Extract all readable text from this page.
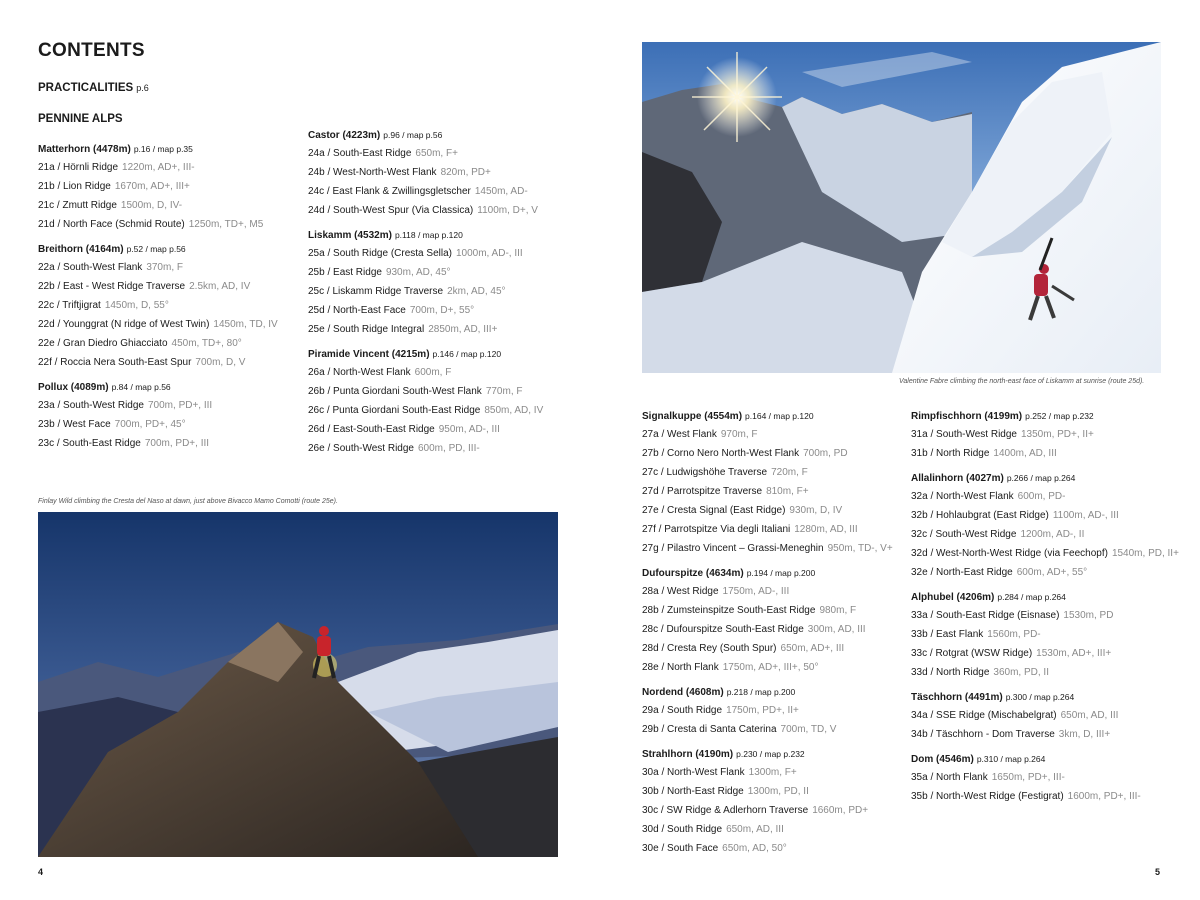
CONTENTS
PRACTICALITIES p.6
PENNINE ALPS
Matterhorn (4478m) p.16 / map p.35
21a / Hörnli Ridge 1220m, AD+, III-
21b / Lion Ridge 1670m, AD+, III+
21c / Zmutt Ridge 1500m, D, IV-
21d / North Face (Schmid Route) 1250m, TD+, M5
Breithorn (4164m) p.52 / map p.56
22a / South-West Flank 370m, F
22b / East - West Ridge Traverse 2.5km, AD, IV
22c / Triftjigrat 1450m, D, 55°
22d / Younggrat (N ridge of West Twin) 1450m, TD, IV
22e / Gran Diedro Ghiacciato 450m, TD+, 80°
22f / Roccia Nera South-East Spur 700m, D, V
Pollux (4089m) p.84 / map p.56
23a / South-West Ridge 700m, PD+, III
23b / West Face 700m, PD+, 45°
23c / South-East Ridge 700m, PD+, III
Castor (4223m) p.96 / map p.56
24a / South-East Ridge 650m, F+
24b / West-North-West Flank 820m, PD+
24c / East Flank & Zwillingsgletscher 1450m, AD-
24d / South-West Spur (Via Classica) 1100m, D+, V
Liskamm (4532m) p.118 / map p.120
25a / South Ridge (Cresta Sella) 1000m, AD-, III
25b / East Ridge 930m, AD, 45°
25c / Liskamm Ridge Traverse 2km, AD, 45°
25d / North-East Face 700m, D+, 55°
25e / South Ridge Integral 2850m, AD, III+
Piramide Vincent (4215m) p.146 / map p.120
26a / North-West Flank 600m, F
26b / Punta Giordani South-West Flank 770m, F
26c / Punta Giordani South-East Ridge 850m, AD, IV
26d / East-South-East Ridge 950m, AD-, III
26e / South-West Ridge 600m, PD, III-
Signalkuppe (4554m) p.164 / map p.120
27a / West Flank 970m, F
27b / Corno Nero North-West Flank 700m, PD
27c / Ludwigshöhe Traverse 720m, F
27d / Parrotspitze Traverse 810m, F+
27e / Cresta Signal (East Ridge) 930m, D, IV
27f / Parrotspitze Via degli Italiani 1280m, AD, III
27g / Pilastro Vincent – Grassi-Meneghin 950m, TD-, V+
Dufourspitze (4634m) p.194 / map p.200
28a / West Ridge 1750m, AD-, III
28b / Zumsteinspitze South-East Ridge 980m, F
28c / Dufourspitze South-East Ridge 300m, AD, III
28d / Cresta Rey (South Spur) 650m, AD+, III
28e / North Flank 1750m, AD+, III+, 50°
Nordend (4608m) p.218 / map p.200
29a / South Ridge 1750m, PD+, II+
29b / Cresta di Santa Caterina 700m, TD, V
Strahlhorn (4190m) p.230 / map p.232
30a / North-West Flank 1300m, F+
30b / North-East Ridge 1300m, PD, II
30c / SW Ridge & Adlerhorn Traverse 1660m, PD+
30d / South Ridge 650m, AD, III
30e / South Face 650m, AD, 50°
Rimpfischhorn (4199m) p.252 / map p.232
31a / South-West Ridge 1350m, PD+, II+
31b / North Ridge 1400m, AD, III
Allalinhorn (4027m) p.266 / map p.264
32a / North-West Flank 600m, PD-
32b / Hohlaubgrat (East Ridge) 1100m, AD-, III
32c / South-West Ridge 1200m, AD-, II
32d / West-North-West Ridge (via Feechopf) 1540m, PD, II+
32e / North-East Ridge 600m, AD+, 55°
Alphubel (4206m) p.284 / map p.264
33a / South-East Ridge (Eisnase) 1530m, PD
33b / East Flank 1560m, PD-
33c / Rotgrat (WSW Ridge) 1530m, AD+, III+
33d / North Ridge 360m, PD, II
Täschhorn (4491m) p.300 / map p.264
34a / SSE Ridge (Mischabelgrat) 650m, AD, III
34b / Täschhorn - Dom Traverse 3km, D, III+
Dom (4546m) p.310 / map p.264
35a / North Flank 1650m, PD+, III-
35b / North-West Ridge (Festigrat) 1600m, PD+, III-
Finlay Wild climbing the Cresta del Naso at dawn, just above Bivacco Mamo Comotti (route 25e).
Valentine Fabre climbing the north-east face of Liskamm at sunrise (route 25d).
4	5
